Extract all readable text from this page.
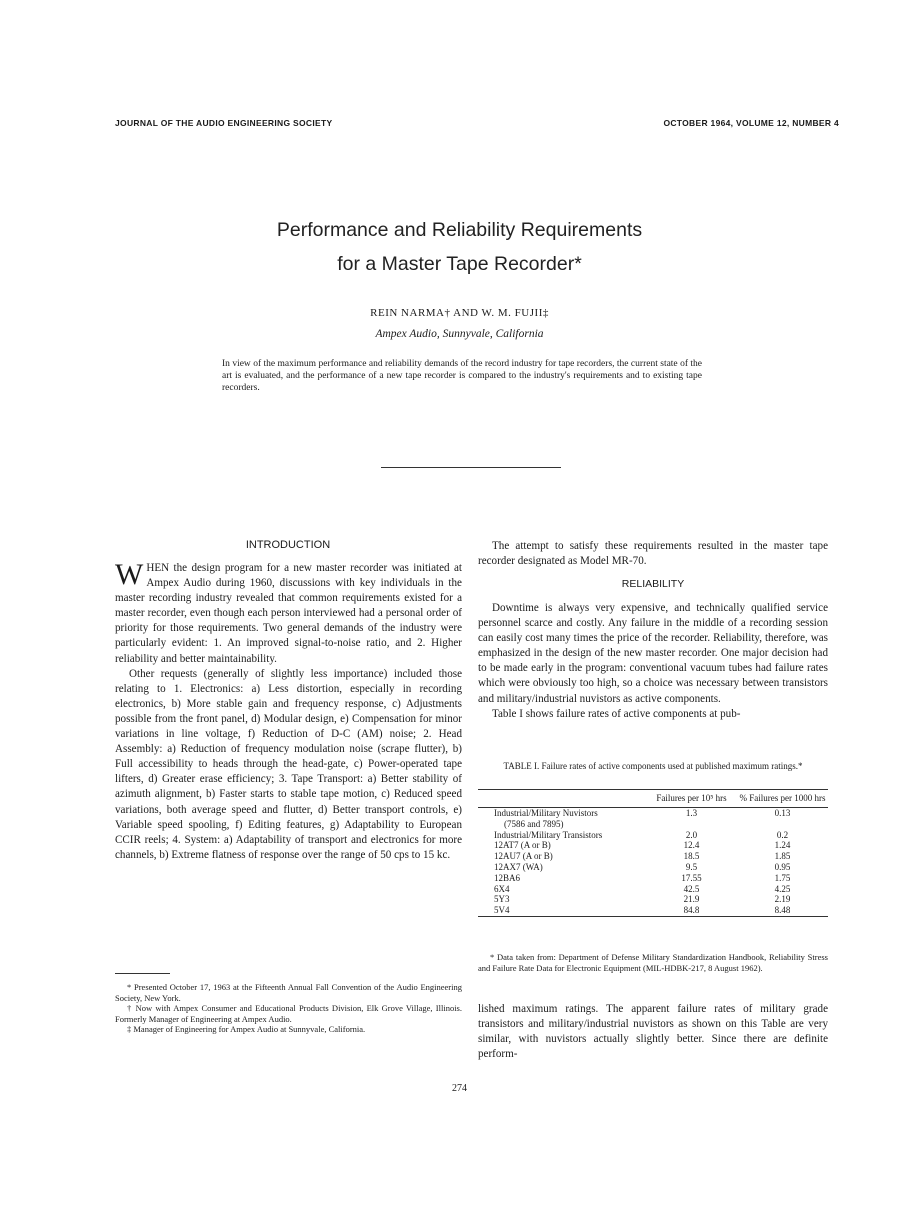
JOURNAL OF THE AUDIO ENGINEERING SOCIETY	OCTOBER 1964, VOLUME 12, NUMBER 4
Performance and Reliability Requirements
for a Master Tape Recorder*
REIN NARMA† AND W. M. FUJII‡
Ampex Audio, Sunnyvale, California
In view of the maximum performance and reliability demands of the record industry for tape recorders, the current state of the art is evaluated, and the performance of a new tape recorder is compared to the industry's requirements and to existing tape recorders.
INTRODUCTION

WHEN the design program for a new master recorder was initiated at Ampex Audio during 1960, discussions with key individuals in the master recording industry revealed that common requirements existed for a master recorder, even though each person interviewed had a personal order of priority for those requirements. Two general demands of the industry were particularly evident: 1. An improved signal-to-noise ratio, and 2. Higher reliability and better maintainability.

Other requests (generally of slightly less importance) included those relating to 1. Electronics: a) Less distortion, especially in recording electronics, b) More stable gain and frequency response, c) Adjustments possible from the front panel, d) Modular design, e) Compensation for minor variations in line voltage, f) Reduction of D-C (AM) noise; 2. Head Assembly: a) Reduction of frequency modulation noise (scrape flutter), b) Full accessibility to heads through the head-gate, c) Power-operated tape lifters, d) Greater erase efficiency; 3. Tape Transport: a) Better stability of azimuth alignment, b) Faster starts to stable tape motion, c) Reduced speed variations, both average speed and flutter, d) Better transport controls, e) Variable speed spooling, f) Editing features, g) Adaptability to European CCIR reels; 4. System: a) Adaptability of transport and electronics for more channels, b) Extreme flatness of response over the range of 50 cps to 15 kc.

* Presented October 17, 1963 at the Fifteenth Annual Fall Convention of the Audio Engineering Society, New York.

† Now with Ampex Consumer and Educational Products Division, Elk Grove Village, Illinois. Formerly Manager of Engineering at Ampex Audio.

‡ Manager of Engineering for Ampex Audio at Sunnyvale, California.

The attempt to satisfy these requirements resulted in the master tape recorder designated as Model MR-70.

RELIABILITY

Downtime is always very expensive, and technically qualified service personnel scarce and costly. Any failure in the middle of a recording session can easily cost many times the price of the recorder. Reliability, therefore, was emphasized in the design of the new master recorder. One major decision had to be made early in the program: conventional vacuum tubes had failure rates which were obviously too high, so a choice was necessary between transistors and military/industrial nuvistors as active components.

Table I shows failure rates of active components at pub-

TABLE I. Failure rates of active components used at published maximum ratings.*
	Failures per 10⁵ hrs	% Failures per 1000 hrs
Industrial/Military Nuvistors	1.3	0.13
(7586 and 7895)		
Industrial/Military Transistors	2.0	0.2
12AT7 (A or B)	12.4	1.24
12AU7 (A or B)	18.5	1.85
12AX7 (WA)	9.5	0.95
12BA6	17.55	1.75
6X4	42.5	4.25
5Y3	21.9	2.19
5V4	84.8	8.48

* Data taken from: Department of Defense Military Standardization Handbook, Reliability Stress and Failure Rate Data for Electronic Equipment (MIL-HDBK-217, 8 August 1962).

lished maximum ratings. The apparent failure rates of military grade transistors and military/industrial nuvistors as shown on this Table are very similar, with nuvistors actually slightly better. Since there are definite perform-

274
